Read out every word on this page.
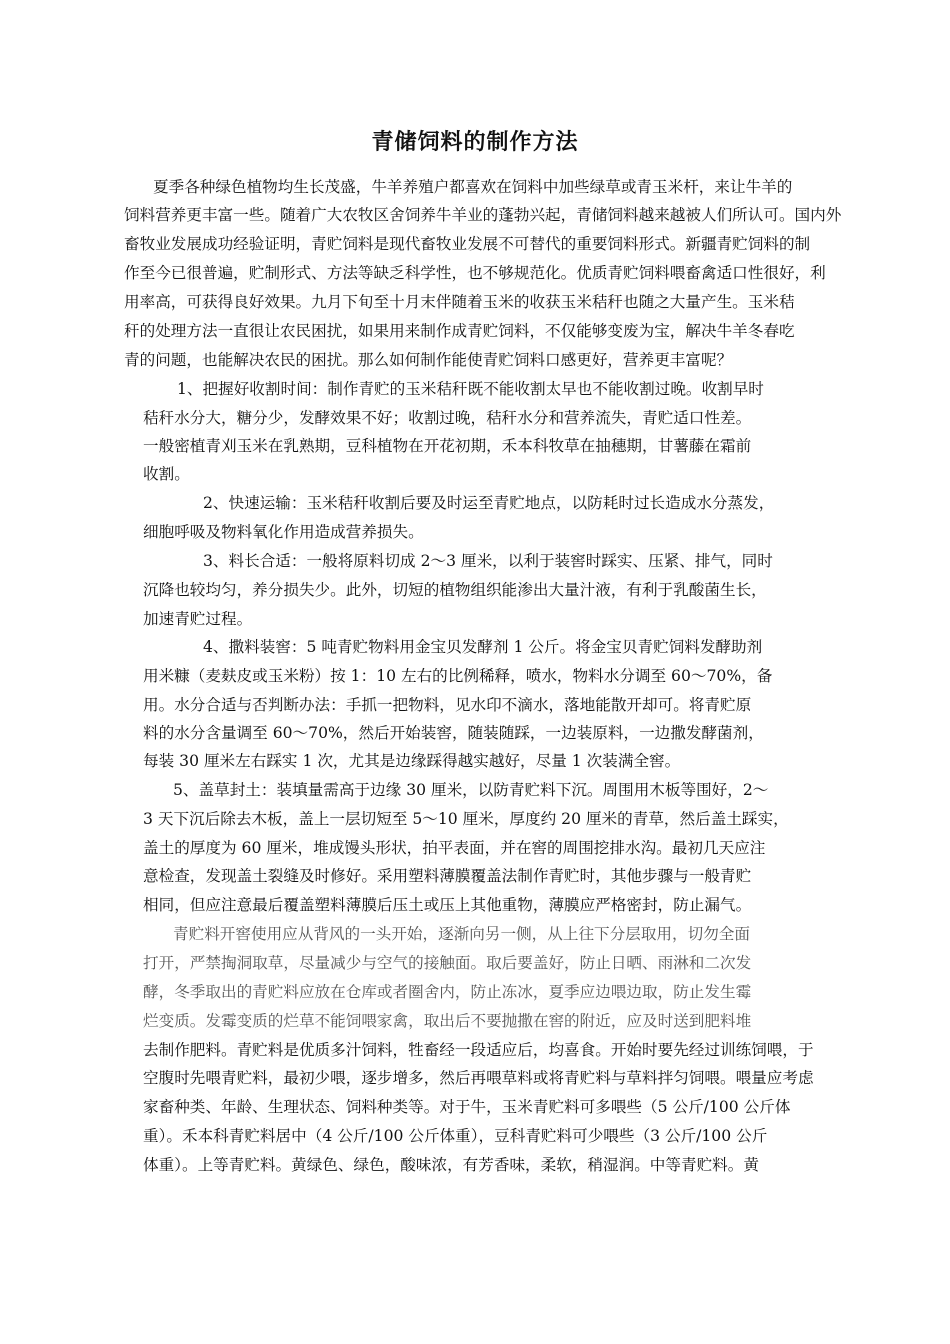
青储饲料的制作方法
夏季各种绿色植物均生长茂盛，牛羊养殖户都喜欢在饲料中加些绿草或青玉米杆，来让牛羊的
饲料营养更丰富一些。随着广大农牧区舍饲养牛羊业的蓬勃兴起，青储饲料越来越被人们所认可。国内外
畜牧业发展成功经验证明，青贮饲料是现代畜牧业发展不可替代的重要饲料形式。新疆青贮饲料的制
作至今已很普遍，贮制形式、方法等缺乏科学性，也不够规范化。优质青贮饲料喂畜禽适口性很好，利
用率高，可获得良好效果。九月下旬至十月末伴随着玉米的收获玉米秸秆也随之大量产生。玉米秸
秆的处理方法一直很让农民困扰，如果用来制作成青贮饲料，不仅能够变废为宝，解决牛羊冬春吃
青的问题，也能解决农民的困扰。那么如何制作能使青贮饲料口感更好，营养更丰富呢？
1、把握好收割时间：制作青贮的玉米秸秆既不能收割太早也不能收割过晚。收割早时
秸秆水分大，糖分少，发酵效果不好；收割过晚，秸秆水分和营养流失，青贮适口性差。
一般密植青刈玉米在乳熟期，豆科植物在开花初期，禾本科牧草在抽穗期，甘薯藤在霜前
收割。
2、快速运输：玉米秸秆收割后要及时运至青贮地点，以防耗时过长造成水分蒸发，
细胞呼吸及物料氧化作用造成营养损失。
3、料长合适：一般将原料切成 2～3 厘米，以利于装窖时踩实、压紧、排气，同时
沉降也较均匀，养分损失少。此外，切短的植物组织能渗出大量汁液，有利于乳酸菌生长，
加速青贮过程。
4、撒料装窖：5 吨青贮物料用金宝贝发酵剂 1 公斤。将金宝贝青贮饲料发酵助剂
用米糠（麦麸皮或玉米粉）按 1：10 左右的比例稀释，喷水，物料水分调至 60～70%，备
用。水分合适与否判断办法：手抓一把物料，见水印不滴水，落地能散开却可。将青贮原
料的水分含量调至 60～70%，然后开始装窖，随装随踩，一边装原料，一边撒发酵菌剂，
每装 30 厘米左右踩实 1 次，尤其是边缘踩得越实越好，尽量 1 次装满全窖。
5、盖草封土：装填量需高于边缘 30 厘米，以防青贮料下沉。周围用木板等围好，2～
3 天下沉后除去木板，盖上一层切短至 5～10 厘米，厚度约 20 厘米的青草，然后盖土踩实，
盖土的厚度为 60 厘米，堆成馒头形状，拍平表面，并在窖的周围挖排水沟。最初几天应注
意检查，发现盖土裂缝及时修好。采用塑料薄膜覆盖法制作青贮时，其他步骤与一般青贮
相同，但应注意最后覆盖塑料薄膜后压土或压上其他重物，薄膜应严格密封，防止漏气。
青贮料开窖使用应从背风的一头开始，逐渐向另一侧，从上往下分层取用，切勿全面
打开，严禁掏洞取草，尽量减少与空气的接触面。取后要盖好，防止日晒、雨淋和二次发
酵，冬季取出的青贮料应放在仓库或者圈舍内，防止冻冰，夏季应边喂边取，防止发生霉
烂变质。发霉变质的烂草不能饲喂家禽，取出后不要抛撒在窖的附近，应及时送到肥料堆
去制作肥料。青贮料是优质多汁饲料，牲畜经一段适应后，均喜食。开始时要先经过训练饲喂，于
空腹时先喂青贮料，最初少喂，逐步增多，然后再喂草料或将青贮料与草料拌匀饲喂。喂量应考虑
家畜种类、年龄、生理状态、饲料种类等。对于牛，玉米青贮料可多喂些（5 公斤/100 公斤体
重）。禾本科青贮料居中（4 公斤/100 公斤体重），豆科青贮料可少喂些（3 公斤/100 公斤
体重）。上等青贮料。黄绿色、绿色，酸味浓，有芳香味，柔软，稍湿润。中等青贮料。黄
